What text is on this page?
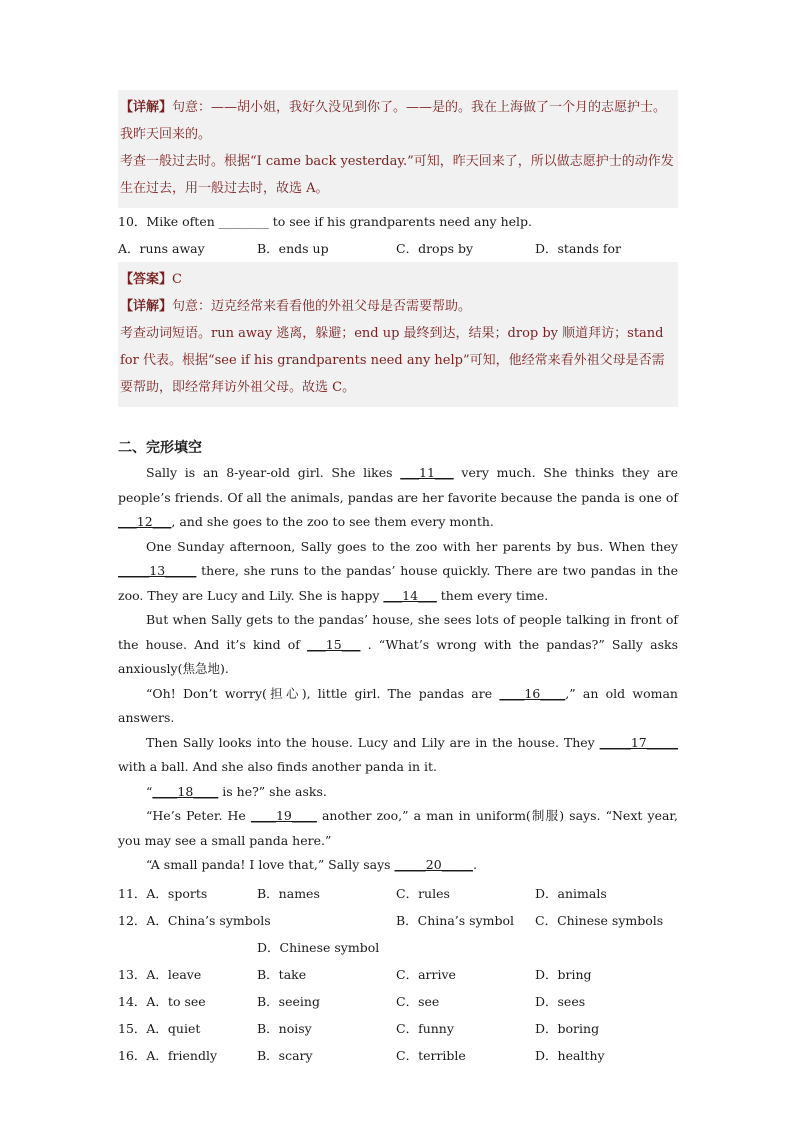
【详解】句意：——胡小姐，我好久没见到你了。——是的。我在上海做了一个月的志愿护士。我昨天回来的。
考查一般过去时。根据“I came back yesterday.”可知，昨天回来了，所以做志愿护士的动作发生在过去，用一般过去时，故选 A。
10．Mike often ________ to see if his grandparents need any help.
A．runs away	B．ends up	C．drops by	D．stands for
【答案】C
【详解】句意：迈克经常来看看他的外祖父母是否需要帮助。
考查动词短语。run away 逃离，躲避；end up 最终到达，结果；drop by 顺道拜访；stand for 代表。根据“see if his grandparents need any help”可知，他经常来看外祖父母是否需要帮助，即经常拜访外祖父母。故选 C。
二、完形填空

Sally is an 8-year-old girl. She likes ___11___ very much. She thinks they are people’s friends. Of all the animals, pandas are her favorite because the panda is one of ___12___, and she goes to the zoo to see them every month.

One Sunday afternoon, Sally goes to the zoo with her parents by bus. When they _____13_____ there, she runs to the pandas’ house quickly. There are two pandas in the zoo. They are Lucy and Lily. She is happy ___14___ them every time.

But when Sally gets to the pandas’ house, she sees lots of people talking in front of the house. And it’s kind of ___15___ . “What’s wrong with the pandas?” Sally asks anxiously(焦急地).

“Oh! Don’t worry(担心), little girl. The pandas are ____16____,” an old woman answers.

Then Sally looks into the house. Lucy and Lily are in the house. They _____17_____ with a ball. And she also finds another panda in it.

“____18____ is he?” she asks.

“He’s Peter. He ____19____ another zoo,” a man in uniform(制服) says. “Next year, you may see a small panda here.”

“A small panda! I love that,” Sally says _____20_____.

11．A．sports	B．names	C．rules	D．animals
12．A．China’s symbols	B．China’s symbol	C．Chinese symbols
D．Chinese symbol
13．A．leave	B．take	C．arrive	D．bring
14．A．to see	B．seeing	C．see	D．sees
15．A．quiet	B．noisy	C．funny	D．boring
16．A．friendly	B．scary	C．terrible	D．healthy
